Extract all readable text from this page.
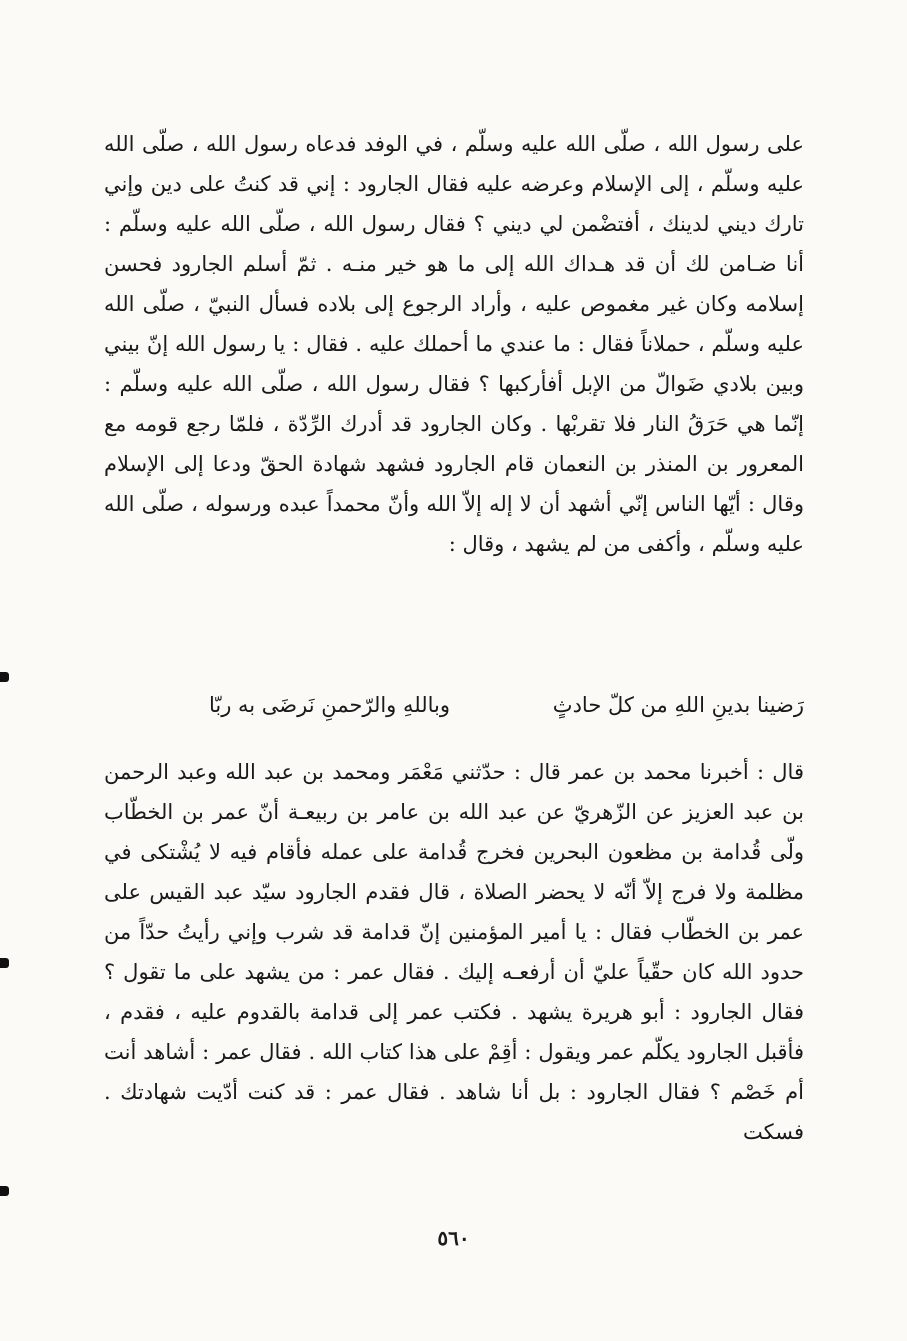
على رسول الله ، صلّى الله عليه وسلّم ، في الوفد فدعاه رسول الله ، صلّى الله عليه وسلّم ، إلى الإسلام وعرضه عليه فقال الجارود : إني قد كنتُ على دين وإني تارك ديني لدينك ، أفتضْمن لي ديني ؟ فقال رسول الله ، صلّى الله عليه وسلّم : أنا ضـامن لك أن قد هـداك الله إلى ما هو خير منـه . ثمّ أسلم الجارود فحسن إسلامه وكان غير مغموص عليه ، وأراد الرجوع إلى بلاده فسأل النبيّ ، صلّى الله عليه وسلّم ، حملاناً فقال : ما عندي ما أحملك عليه . فقال : يا رسول الله إنّ بيني وبين بلادي ضَوالّ من الإبل أفأركبها ؟ فقال رسول الله ، صلّى الله عليه وسلّم : إنّما هي حَرَقُ النار فلا تقربْها . وكان الجارود قد أدرك الرِّدّة ، فلمّا رجع قومه مع المعرور بن المنذر بن النعمان قام الجارود فشهد شهادة الحقّ ودعا إلى الإسلام وقال : أيّها الناس إنّي أشهد أن لا إله إلاّ الله وأنّ محمداً عبده ورسوله ، صلّى الله عليه وسلّم ، وأكفى من لم يشهد ، وقال :

رَضينا بدينِ اللهِ من كلّ حادثٍ
وباللهِ والرّحمنِ نَرضَى به ربّا

قال : أخبرنا محمد بن عمر قال : حدّثني مَعْمَر ومحمد بن عبد الله وعبد الرحمن بن عبد العزيز عن الزّهريّ عن عبد الله بن عامر بن ربيعـة أنّ عمر بن الخطّاب ولّى قُدامة بن مظعون البحرين فخرج قُدامة على عمله فأقام فيه لا يُشْتكى في مظلمة ولا فرج إلاّ أنّه لا يحضر الصلاة ، قال فقدم الجارود سيّد عبد القيس على عمر بن الخطّاب فقال : يا أمير المؤمنين إنّ قدامة قد شرب وإني رأيتُ حدّاً من حدود الله كان حقّياً عليّ أن أرفعـه إليك . فقال عمر : من يشهد على ما تقول ؟ فقال الجارود : أبو هريرة يشهد . فكتب عمر إلى قدامة بالقدوم عليه ، فقدم ، فأقبل الجارود يكلّم عمر ويقول : أقِمْ على هذا كتاب الله . فقال عمر : أشاهد أنت أم خَصْم ؟ فقال الجارود : بل أنا شاهد . فقال عمر : قد كنت أدّيت شهادتك . فسكت

٥٦٠
